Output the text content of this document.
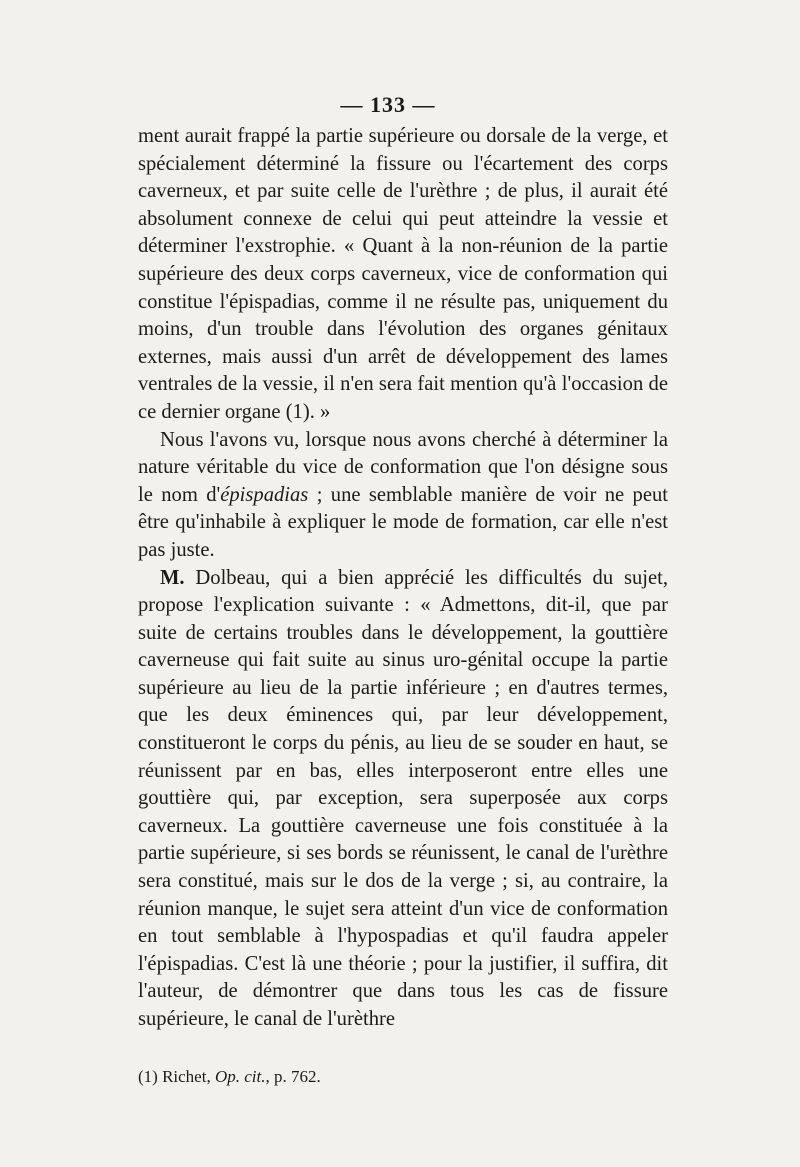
— 133 —

ment aurait frappé la partie supérieure ou dorsale de la verge, et spécialement déterminé la fissure ou l'écartement des corps caverneux, et par suite celle de l'urèthre ; de plus, il aurait été absolument connexe de celui qui peut atteindre la vessie et déterminer l'exstrophie. « Quant à la non-réunion de la partie supérieure des deux corps caverneux, vice de conformation qui constitue l'épispadias, comme il ne résulte pas, uniquement du moins, d'un trouble dans l'évolution des organes génitaux externes, mais aussi d'un arrêt de développement des lames ventrales de la vessie, il n'en sera fait mention qu'à l'occasion de ce dernier organe (1). »

Nous l'avons vu, lorsque nous avons cherché à déterminer la nature véritable du vice de conformation que l'on désigne sous le nom d'épispadias ; une semblable manière de voir ne peut être qu'inhabile à expliquer le mode de formation, car elle n'est pas juste.

M. Dolbeau, qui a bien apprécié les difficultés du sujet, propose l'explication suivante : « Admettons, dit-il, que par suite de certains troubles dans le développement, la gouttière caverneuse qui fait suite au sinus uro-génital occupe la partie supérieure au lieu de la partie inférieure ; en d'autres termes, que les deux éminences qui, par leur développement, constitueront le corps du pénis, au lieu de se souder en haut, se réunissent par en bas, elles interposeront entre elles une gouttière qui, par exception, sera superposée aux corps caverneux. La gouttière caverneuse une fois constituée à la partie supérieure, si ses bords se réunissent, le canal de l'urèthre sera constitué, mais sur le dos de la verge ; si, au contraire, la réunion manque, le sujet sera atteint d'un vice de conformation en tout semblable à l'hypospadias et qu'il faudra appeler l'épispadias. C'est là une théorie ; pour la justifier, il suffira, dit l'auteur, de démontrer que dans tous les cas de fissure supérieure, le canal de l'urèthre

(1) Richet, Op. cit., p. 762.
